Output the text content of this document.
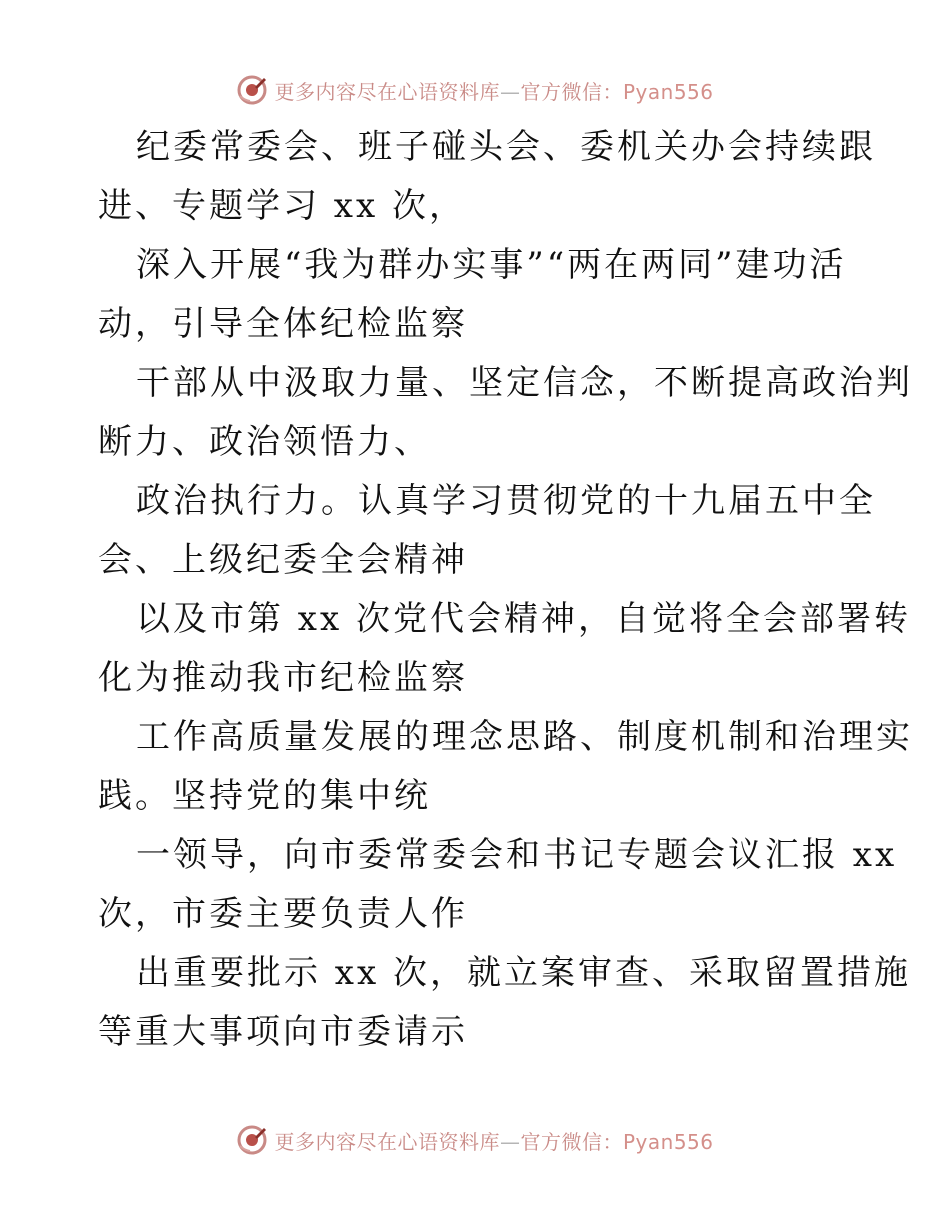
更多内容尽在心语资料库—官方微信：Pyan556
纪委常委会、班子碰头会、委机关办会持续跟
进、专题学习 xx 次，
深入开展“我为群办实事”“两在两同”建功活
动，引导全体纪检监察
干部从中汲取力量、坚定信念，不断提高政治判
断力、政治领悟力、
政治执行力。认真学习贯彻党的十九届五中全
会、上级纪委全会精神
以及市第 xx 次党代会精神，自觉将全会部署转
化为推动我市纪检监察
工作高质量发展的理念思路、制度机制和治理实
践。坚持党的集中统
一领导，向市委常委会和书记专题会议汇报 xx
次，市委主要负责人作
出重要批示 xx 次，就立案审查、采取留置措施
等重大事项向市委请示
更多内容尽在心语资料库—官方微信：Pyan556
